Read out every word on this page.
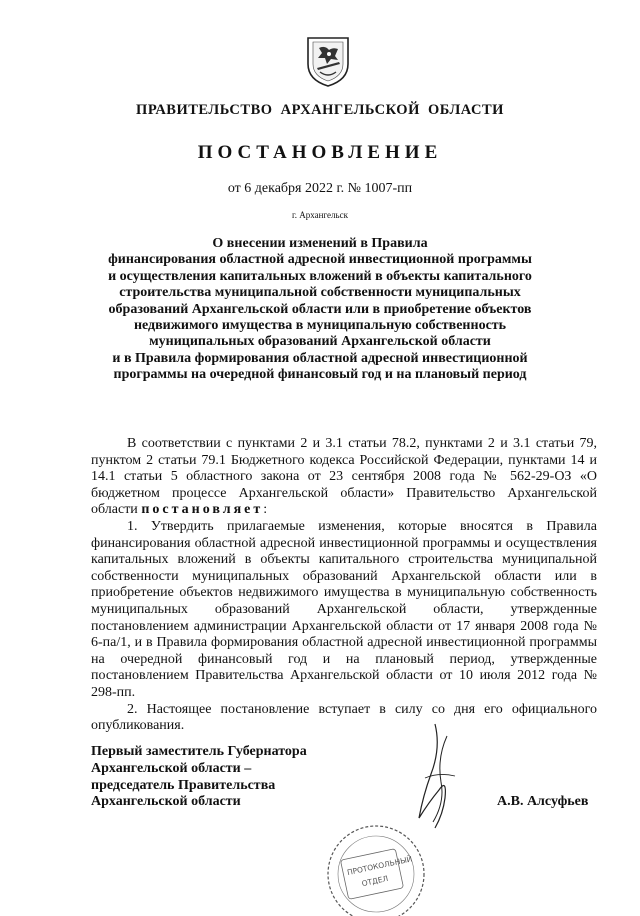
ПРАВИТЕЛЬСТВО АРХАНГЕЛЬСКОЙ ОБЛАСТИ
ПОСТАНОВЛЕНИЕ
от 6 декабря 2022 г. № 1007-пп
г. Архангельск
О внесении изменений в Правила
финансирования областной адресной инвестиционной программы
и осуществления капитальных вложений в объекты капитального
строительства муниципальной собственности муниципальных
образований Архангельской области или в приобретение объектов
недвижимого имущества в муниципальную собственность
муниципальных образований Архангельской области
и в Правила формирования областной адресной инвестиционной
программы на очередной финансовый год и на плановый период

В соответствии с пунктами 2 и 3.1 статьи 78.2, пунктами 2 и 3.1 статьи 79, пунктом 2 статьи 79.1 Бюджетного кодекса Российской Федерации, пунктами 14 и 14.1 статьи 5 областного закона от 23 сентября 2008 года № 562-29-ОЗ «О бюджетном процессе Архангельской области» Правительство Архангельской области постановляет:

1. Утвердить прилагаемые изменения, которые вносятся в Правила финансирования областной адресной инвестиционной программы и осуществления капитальных вложений в объекты капитального строительства муниципальной собственности муниципальных образований Архангельской области или в приобретение объектов недвижимого имущества в муниципальную собственность муниципальных образований Архангельской области, утвержденные постановлением администрации Архангельской области от 17 января 2008 года № 6-па/1, и в Правила формирования областной адресной инвестиционной программы на очередной финансовый год и на плановый период, утвержденные постановлением Правительства Архангельской области от 10 июля 2012 года № 298-пп.

2. Настоящее постановление вступает в силу со дня его официального опубликования.

Первый заместитель Губернатора
Архангельской области –
председатель Правительства
Архангельской области	А.В. Алсуфьев
ПРОТОКОЛЬНЫЙ
ОТДЕЛ
